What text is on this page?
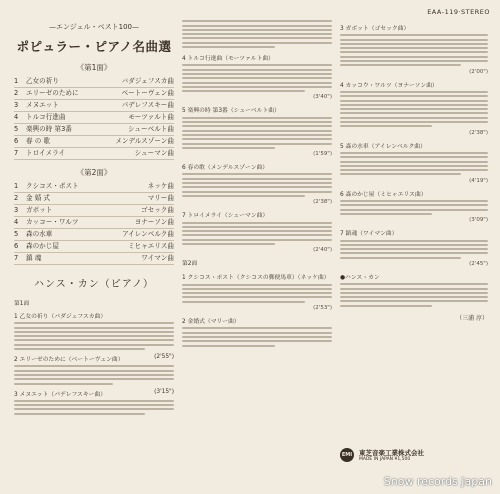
EAA-119·STEREO
—エンジェル・ベスト100—
ポピュラー・ピアノ名曲選
《第1面》
1	乙女の祈り	バダジェフスカ曲
2	エリーゼのために	ベートーヴェン曲
3	メヌエット	パデレフスキー曲
4	トルコ行進曲	モーツァルト曲
5	楽興の時 第3番	シューベルト曲
6	春 の 歌	メンデルスゾーン曲
7	トロイメライ	シューマン曲
《第2面》
1	クシコス・ポスト	ネッケ曲
2	金 婚 式	マリー曲
3	ガボット	ゴセック曲
4	カッコー・ワルツ	ヨナーソン曲
5	森の水車	アイレンベルク曲
6	森のかじ屋	ミヒャエリス曲
7	鎮 魂	ワイマン曲
ハンス・カン（ピアノ）
第1面
1 乙女の祈り（バダジェフスカ曲）
2 エリーゼのために（ベートーヴェン曲）	(2'55")
3 メヌエット（パデレフスキー曲）	(3'15")
4 トルコ行進曲（モーツァルト曲）
(3'40")
5 楽興の時 第3番（シューベルト曲）
(1'59")
6 春の歌（メンデルスゾーン曲）
(2'38")
7 トロイメライ（シューマン曲）
(2'40")
第2面
1 クシコス・ポスト（クシコスの郵便馬車）（ネッケ曲）
(2'53")
2 金婚式（マリー曲）
3 ガボット（ゴセック曲）
(2'00")
4 カッコウ・ワルツ（ヨナーソン曲）
(2'38")
5 森の水車（アイレンベルク曲）
(4'19")
6 森のかじ屋（ミヒャエリス曲）
(3'09")
7 鎮魂（ワイマン曲）
(2'45")
●ハンス・カン
（三浦 淳）
EMI 東芝音楽工業株式会社
MADE IN JAPAN ¥1,500
Snow records Japan
